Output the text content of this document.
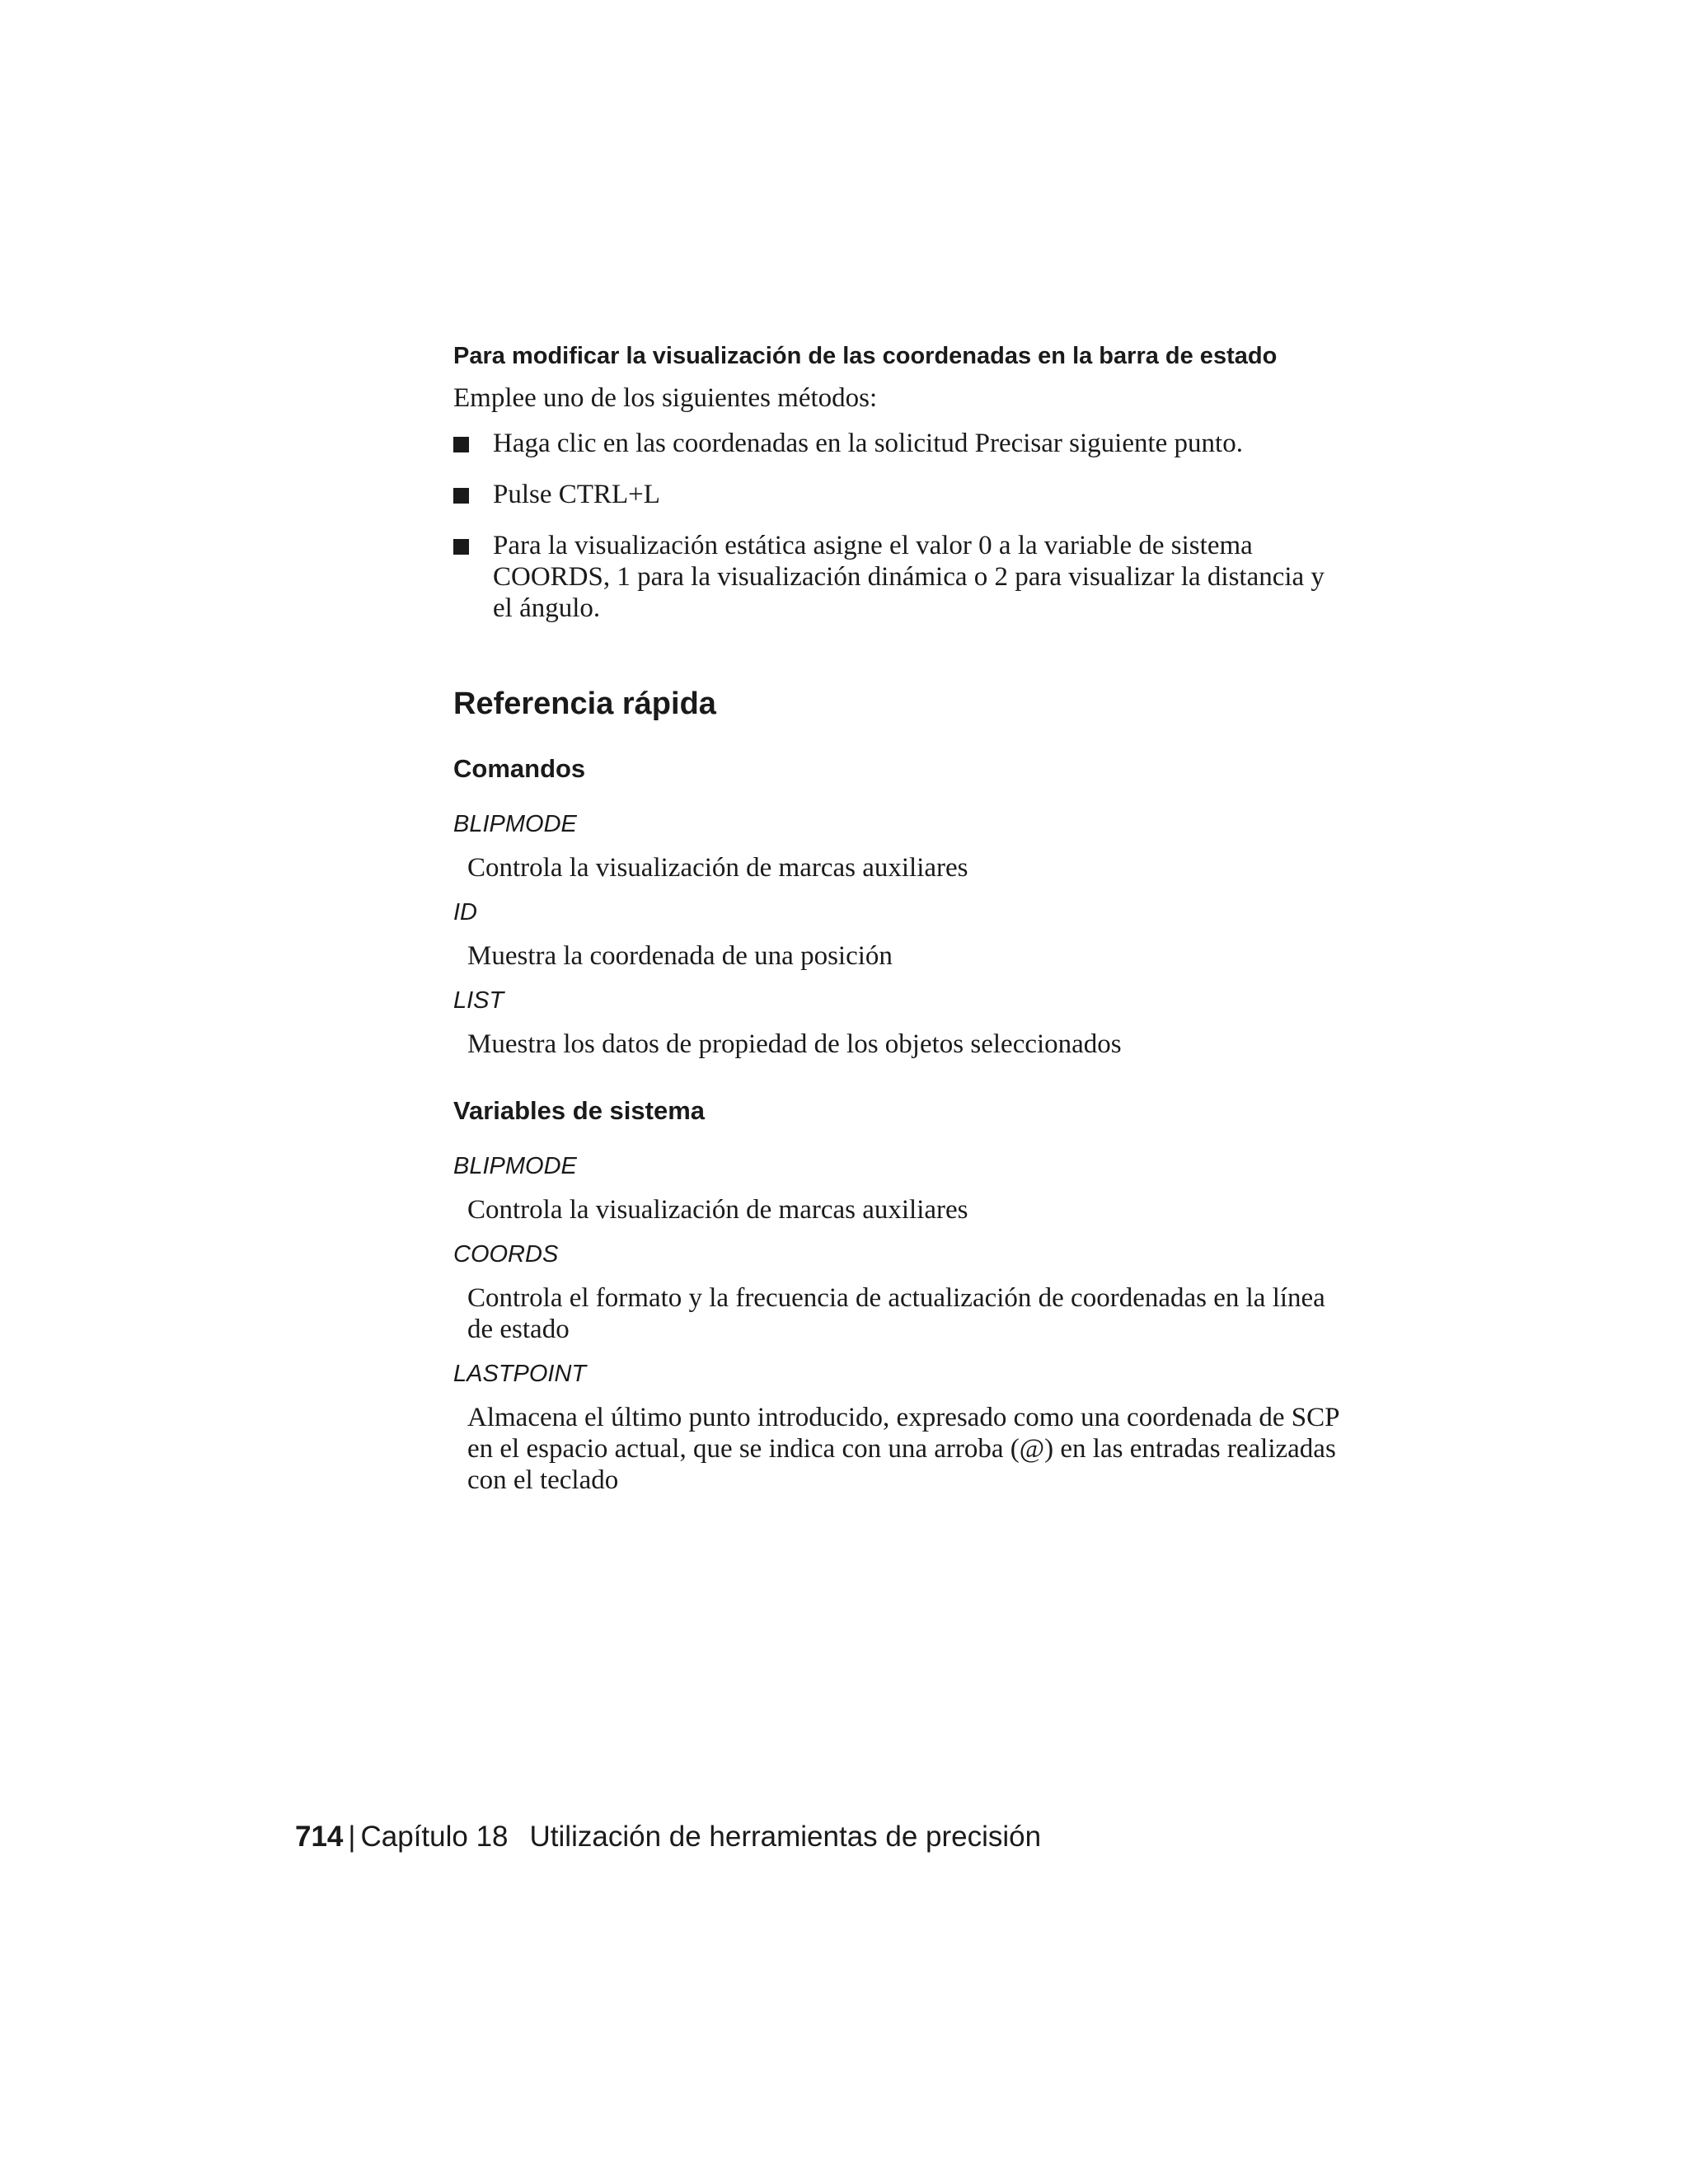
Para modificar la visualización de las coordenadas en la barra de estado

Emplee uno de los siguientes métodos:

Haga clic en las coordenadas en la solicitud Precisar siguiente punto.
Pulse CTRL+L
Para la visualización estática asigne el valor 0 a la variable de sistema COORDS, 1 para la visualización dinámica o 2 para visualizar la distancia y el ángulo.
Referencia rápida
Comandos
BLIPMODE
Controla la visualización de marcas auxiliares
ID
Muestra la coordenada de una posición
LIST
Muestra los datos de propiedad de los objetos seleccionados
Variables de sistema
BLIPMODE
Controla la visualización de marcas auxiliares
COORDS
Controla el formato y la frecuencia de actualización de coordenadas en la línea de estado
LASTPOINT
Almacena el último punto introducido, expresado como una coordenada de SCP en el espacio actual, que se indica con una arroba (@) en las entradas realizadas con el teclado
714 | Capítulo 18 Utilización de herramientas de precisión
